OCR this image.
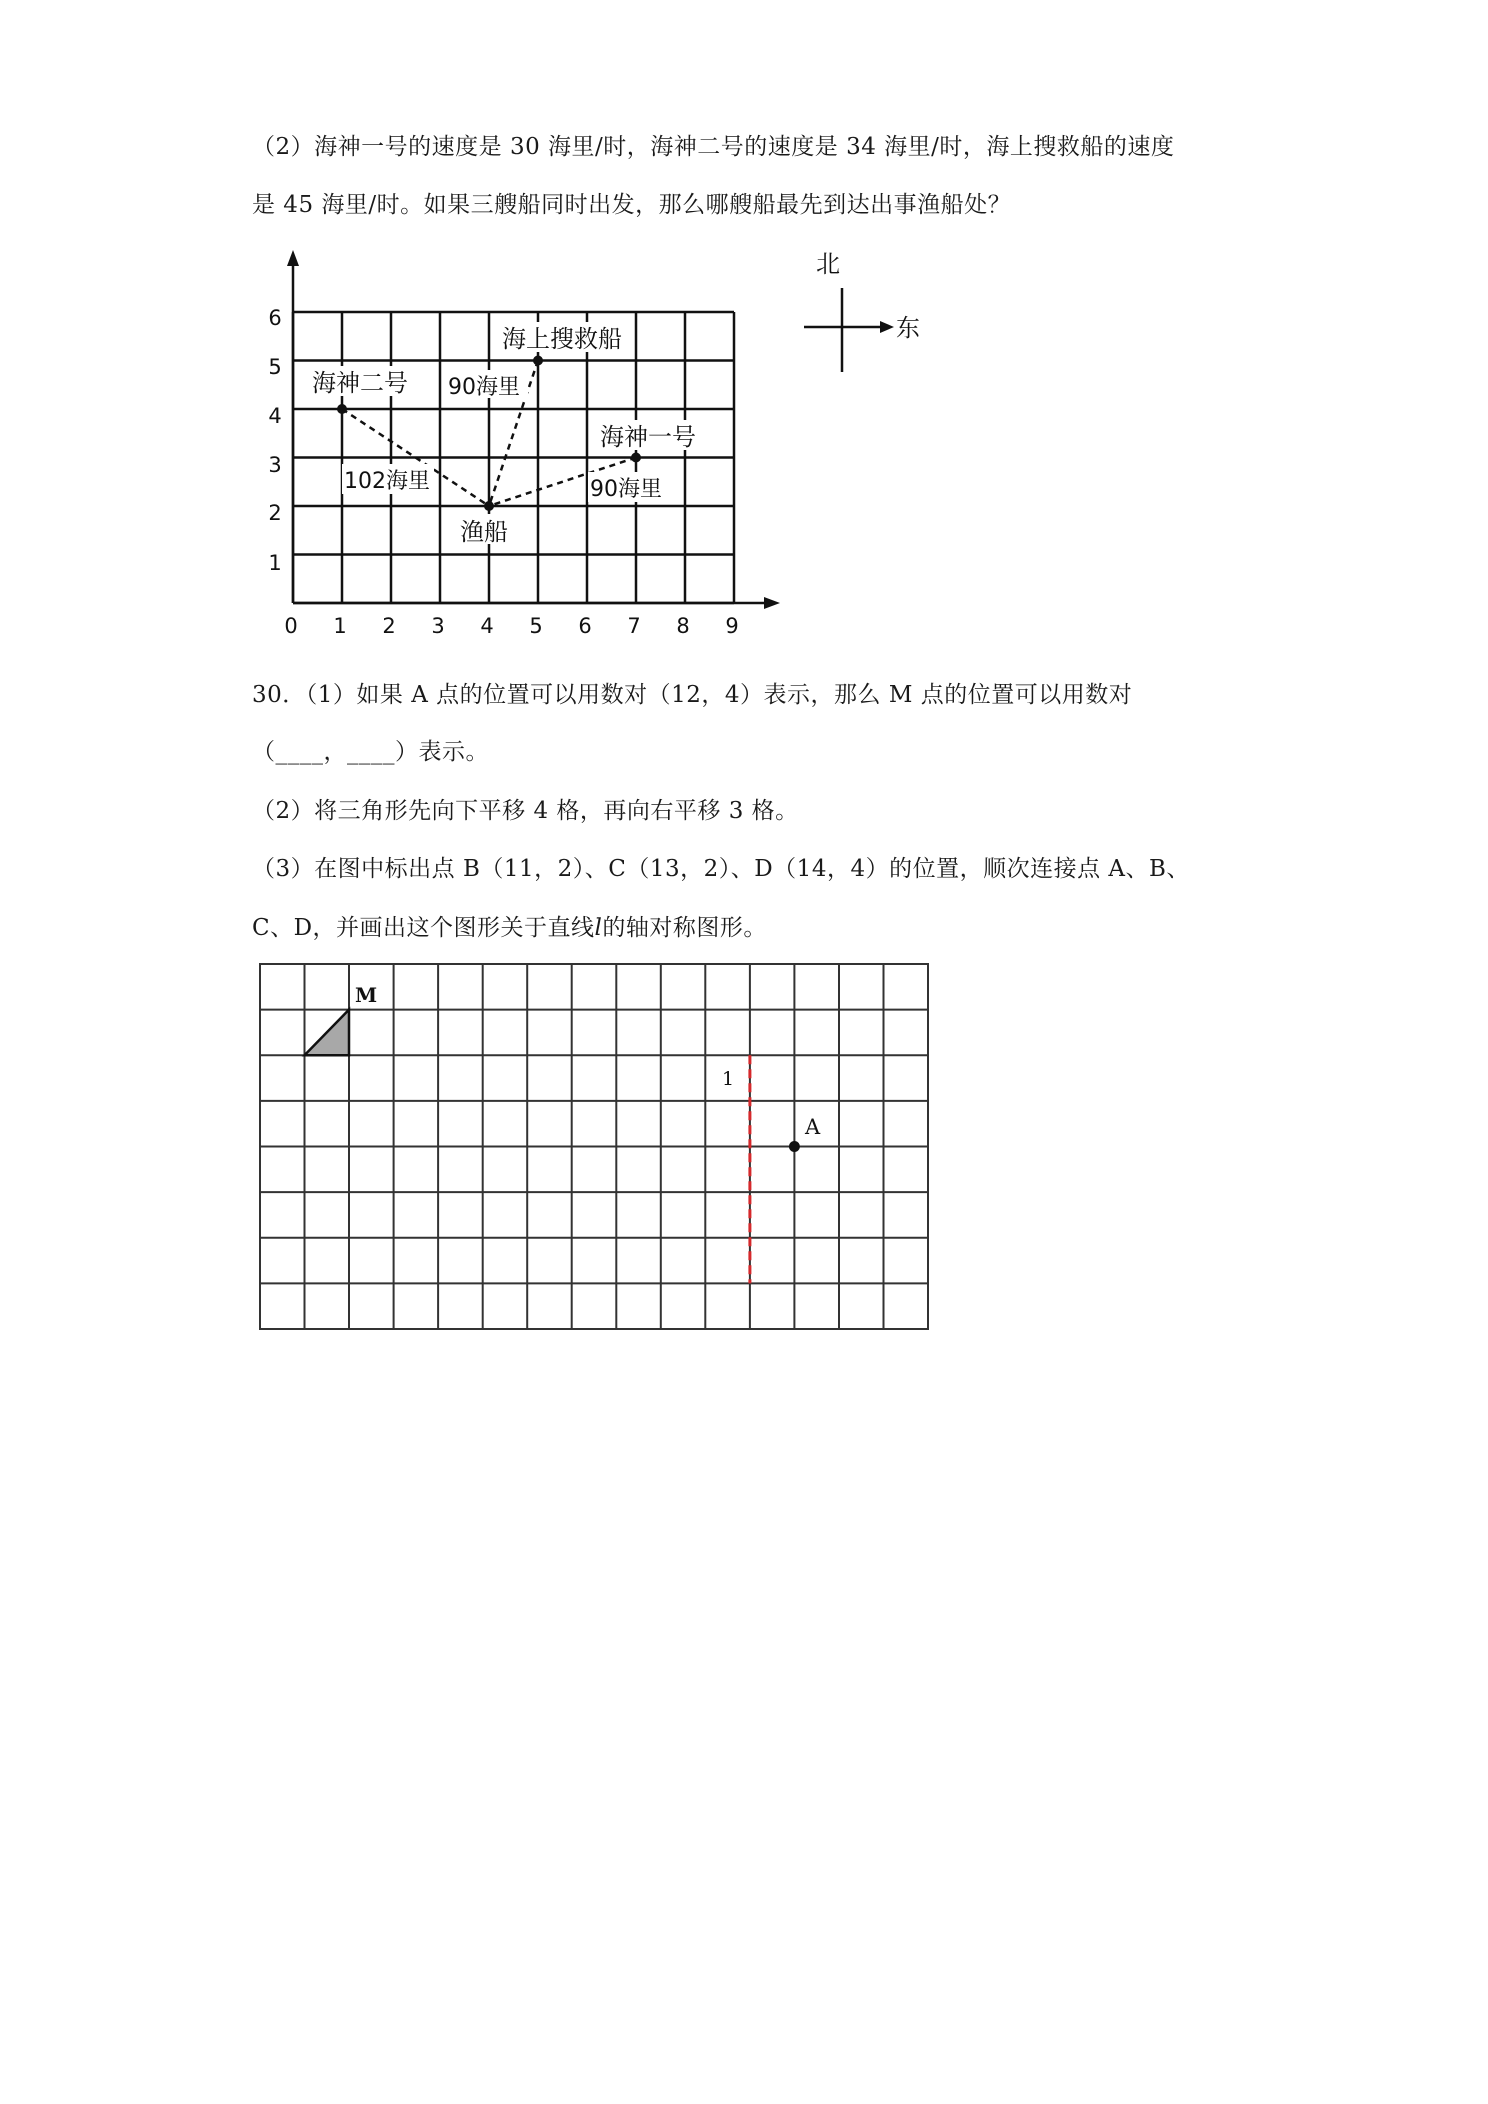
（2）海神一号的速度是 30 海里/时，海神二号的速度是 34 海里/时，海上搜救船的速度
是 45 海里/时。如果三艘船同时出发，那么哪艘船最先到达出事渔船处？
0 1 2 3 4 5 6 7 8 9
1
2
3
4
5
6
海上搜救船
海神二号
海神一号
渔船
90海里
102海里	90海里
北
东
30．（1）如果 A 点的位置可以用数对（12，4）表示，那么 M 点的位置可以用数对
（____，____）表示。
（2）将三角形先向下平移 4 格，再向右平移 3 格。
（3）在图中标出点 B（11，2）、C（13，2）、D（14，4）的位置，顺次连接点 A、B、
C、D，并画出这个图形关于直线l的轴对称图形。
M
1
A
